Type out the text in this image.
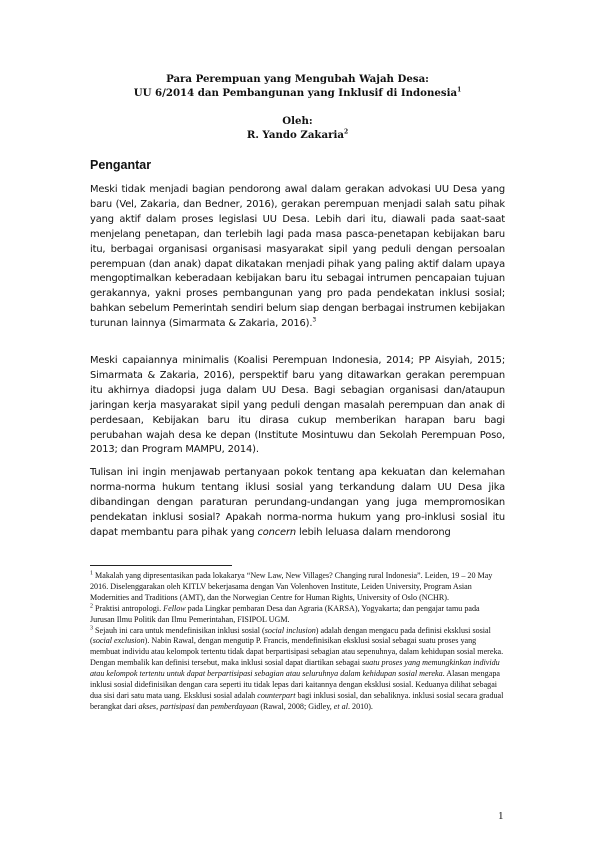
Para Perempuan yang Mengubah Wajah Desa:
UU 6/2014 dan Pembangunan yang Inklusif di Indonesia$^1$
Oleh:
R. Yando Zakaria$^2$
Pengantar

Meski tidak menjadi bagian pendorong awal dalam gerakan advokasi UU Desa yang baru (Vel, Zakaria, dan Bedner, 2016), gerakan perempuan menjadi salah satu pihak yang aktif dalam proses legislasi UU Desa. Lebih dari itu, diawali pada saat-saat menjelang penetapan, dan terlebih lagi pada masa pasca-penetapan kebijakan baru itu, berbagai organisasi organisasi masyarakat sipil yang peduli dengan persoalan perempuan (dan anak) dapat dikatakan menjadi pihak yang paling aktif dalam upaya mengoptimalkan keberadaan kebijakan baru itu sebagai intrumen pencapaian tujuan gerakannya, yakni proses pembangunan yang pro pada pendekatan inklusi sosial; bahkan sebelum Pemerintah sendiri belum siap dengan berbagai instrumen kebijakan turunan lainnya (Simarmata & Zakaria, 2016).$^3$

Meski capaiannya minimalis (Koalisi Perempuan Indonesia, 2014; PP Aisyiah, 2015; Simarmata & Zakaria, 2016), perspektif baru yang ditawarkan gerakan perempuan itu akhirnya diadopsi juga dalam UU Desa. Bagi sebagian organisasi dan/ataupun jaringan kerja masyarakat sipil yang peduli dengan masalah perempuan dan anak di perdesaan, Kebijakan baru itu dirasa cukup memberikan harapan baru bagi perubahan wajah desa ke depan (Institute Mosintuwu dan Sekolah Perempuan Poso, 2013; dan Program MAMPU, 2014).

Tulisan ini ingin menjawab pertanyaan pokok tentang apa kekuatan dan kelemahan norma-norma hukum tentang iklusi sosial yang terkandung dalam UU Desa jika dibandingan dengan paraturan perundang-undangan yang juga mempromosikan pendekatan inklusi sosial? Apakah norma-norma hukum yang pro-inklusi sosial itu dapat membantu para pihak yang concern lebih leluasa dalam mendorong

$^1$ Makalah yang dipresentasikan pada lokakarya “New Law, New Villages? Changing rural Indonesia”. Leiden, 19 – 20 May 2016. Diselenggarakan oleh KITLV bekerjasama dengan Van Volenhoven Institute, Leiden University, Program Asian Modernities and Traditions (AMT), dan the Norwegian Centre for Human Rights, University of Oslo (NCHR).

$^2$ Praktisi antropologi. Fellow pada Lingkar pembaran Desa dan Agraria (KARSA), Yogyakarta; dan pengajar tamu pada Jurusan Ilmu Politik dan Ilmu Pemerintahan, FISIPOL UGM.

$^3$ Sejauh ini cara untuk mendefinisikan inklusi sosial (social inclusion) adalah dengan mengacu pada definisi eksklusi sosial (social exclusion). Nabin Rawal, dengan mengutip P. Francis, mendefinisikan eksklusi sosial sebagai suatu proses yang membuat individu atau kelompok tertentu tidak dapat berpartisipasi sebagian atau sepenuhnya, dalam kehidupan sosial mereka. Dengan membalik kan definisi tersebut, maka inklusi sosial dapat diartikan sebagai suatu proses yang memungkinkan individu atau kelompok tertentu untuk dapat berpartisipasi sebagian atau seluruhnya dalam kehidupan sosial mereka. Alasan mengapa inklusi sosial didefinisikan dengan cara seperti itu tidak lepas dari kaitannya dengan eksklusi sosial. Keduanya dilihat sebagai dua sisi dari satu mata uang. Eksklusi sosial adalah counterpart bagi inklusi sosial, dan sebaliknya. inklusi sosial secara gradual berangkat dari akses, partisipasi dan pemberdayaan (Rawal, 2008; Gidley, et al. 2010).

1
